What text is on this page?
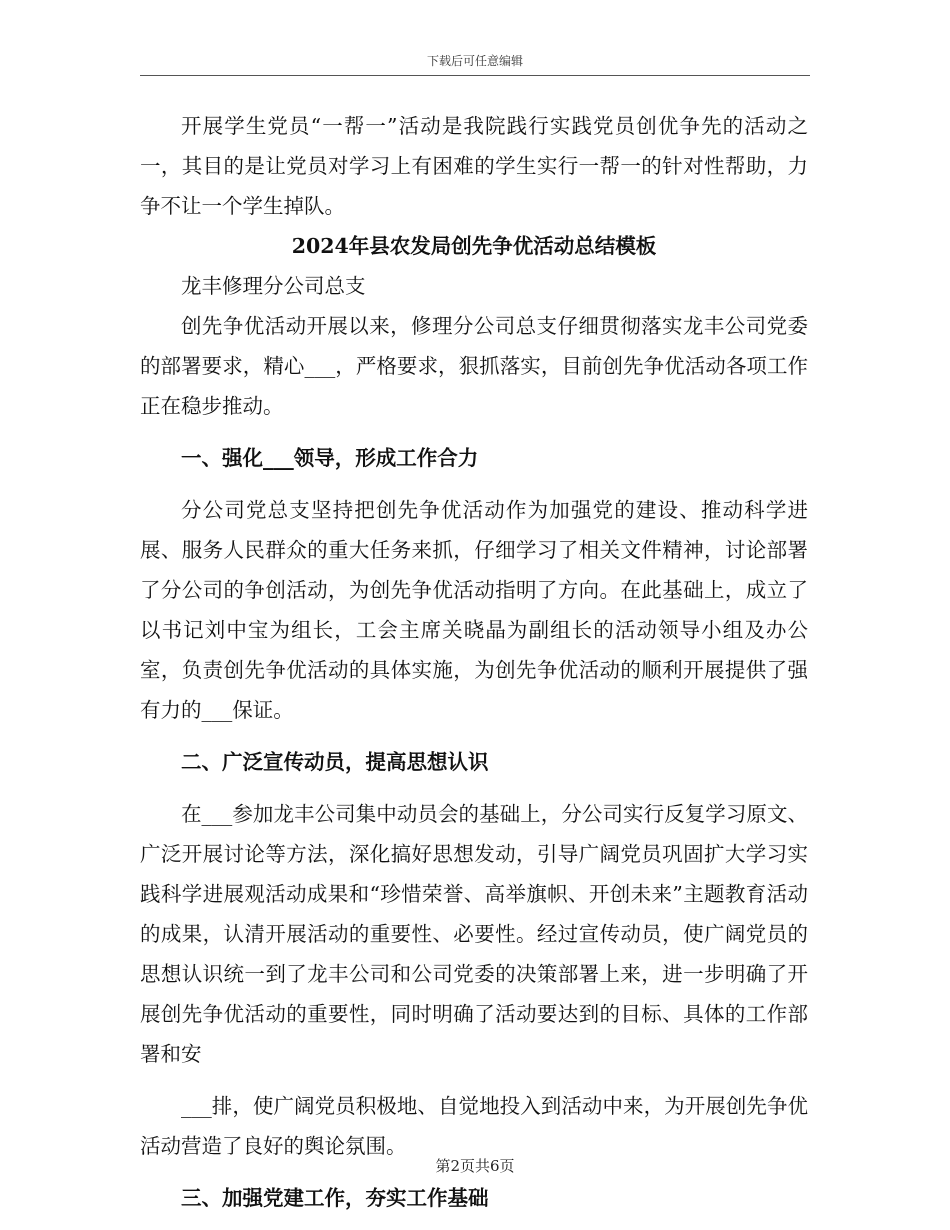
下载后可任意编辑

开展学生党员“一帮一”活动是我院践行实践党员创优争先的活动之一，其目的是让党员对学习上有困难的学生实行一帮一的针对性帮助，力争不让一个学生掉队。

2024年县农发局创先争优活动总结模板

龙丰修理分公司总支

创先争优活动开展以来，修理分公司总支仔细贯彻落实龙丰公司党委的部署要求，精心___，严格要求，狠抓落实，目前创先争优活动各项工作正在稳步推动。

一、强化___领导，形成工作合力

分公司党总支坚持把创先争优活动作为加强党的建设、推动科学进展、服务人民群众的重大任务来抓，仔细学习了相关文件精神，讨论部署了分公司的争创活动，为创先争优活动指明了方向。在此基础上，成立了以书记刘中宝为组长，工会主席关晓晶为副组长的活动领导小组及办公室，负责创先争优活动的具体实施，为创先争优活动的顺利开展提供了强有力的___保证。

二、广泛宣传动员，提高思想认识

在___参加龙丰公司集中动员会的基础上，分公司实行反复学习原文、广泛开展讨论等方法，深化搞好思想发动，引导广阔党员巩固扩大学习实践科学进展观活动成果和“珍惜荣誉、高举旗帜、开创未来”主题教育活动的成果，认清开展活动的重要性、必要性。经过宣传动员，使广阔党员的思想认识统一到了龙丰公司和公司党委的决策部署上来，进一步明确了开展创先争优活动的重要性，同时明确了活动要达到的目标、具体的工作部署和安

___排，使广阔党员积极地、自觉地投入到活动中来，为开展创先争优活动营造了良好的舆论氛围。

三、加强党建工作，夯实工作基础

第2页共6页
